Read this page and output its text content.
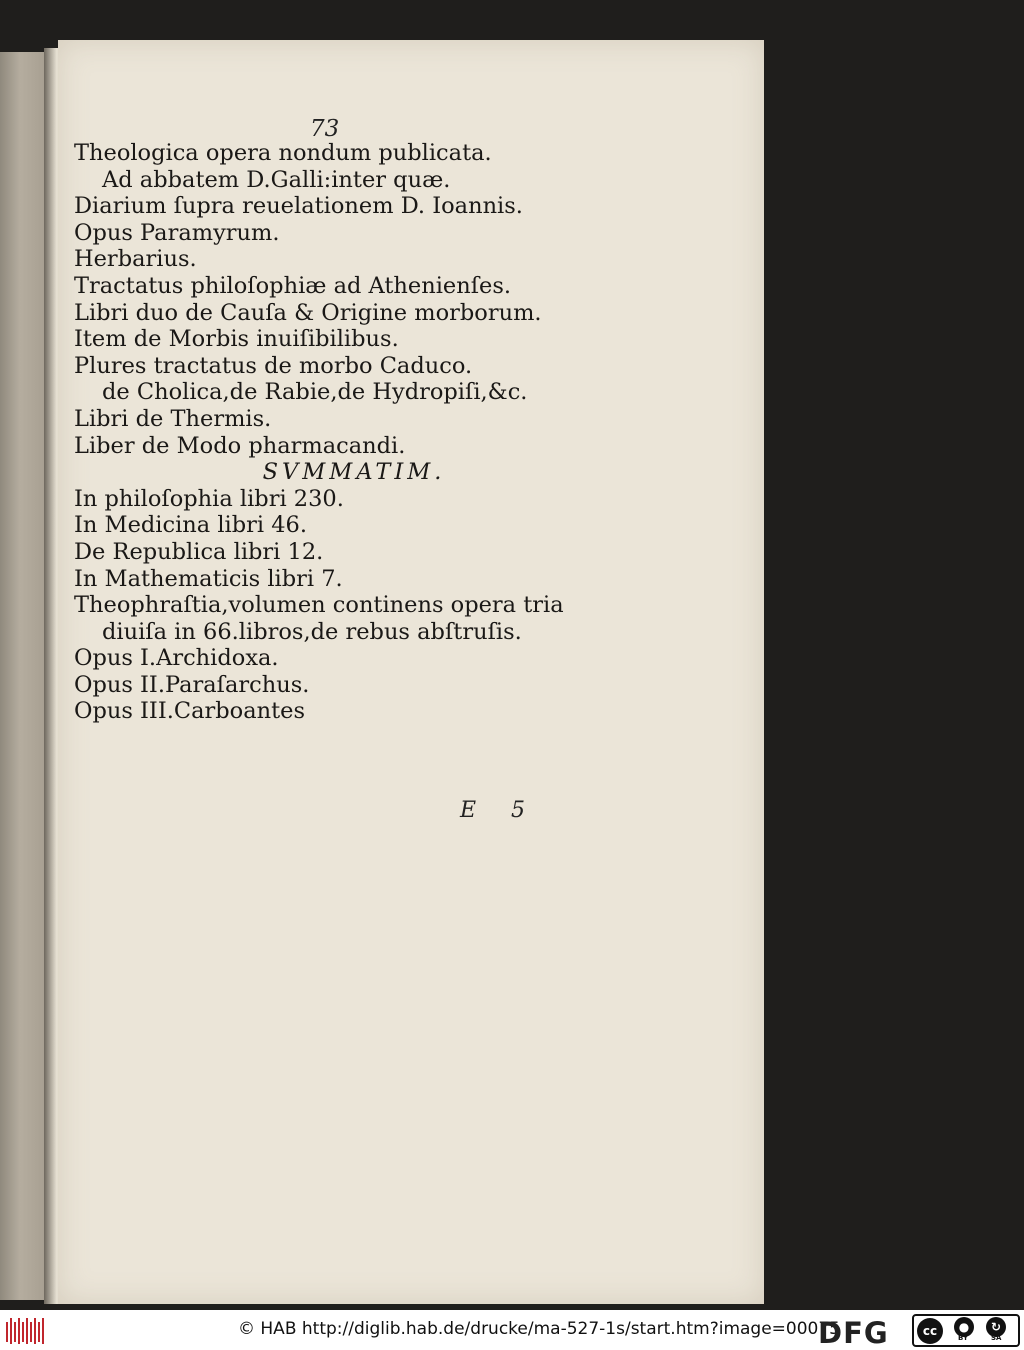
73
Theologica opera nondum publicata.
Ad abbatem D.Galli:inter quæ.
Diarium ſupra reuelationem D. Ioannis.
Opus Paramyrum.
Herbarius.
Tractatus philoſophiæ ad Athenienſes.
Libri duo de Cauſa & Origine morborum.
Item de Morbis inuiſibilibus.
Plures tractatus de morbo Caduco.
de Cholica,de Rabie,de Hydropiſi,&c.
Libri de Thermis.
Liber de Modo pharmacandi.
SVMMATIM.
In philoſophia libri 230.
In Medicina libri 46.
De Republica libri 12.
In Mathematicis libri 7.
Theophraſtia,volumen continens opera tria
diuiſa in 66.libros,de rebus abſtruſis.
Opus I.Archidoxa.
Opus II.Paraſarchus.
Opus III.Carboantes
E 5
© HAB http://diglib.hab.de/drucke/ma-527-1s/start.htm?image=00075
DFG	cc	●	↻
BY	SA
